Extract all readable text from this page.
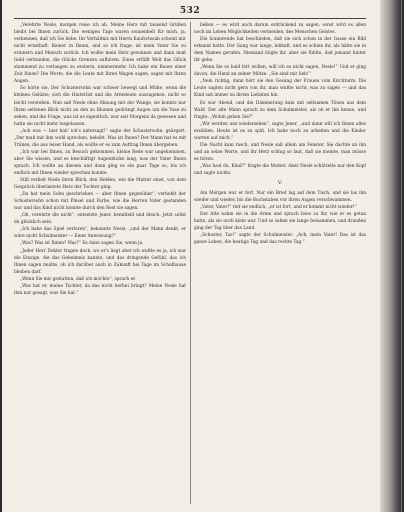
532

„Verehrte Nesle, morgen reise ich ab. Meine Herz mit tausend Grüßen bleibt bei Ihnen zurück. Die wenigen Tage waren sonnenhell für mich, ja, verkennen, daß ich Sie liebe. Ihr Verhältnis mit Herrn Kaufschwab scheint mir nicht ernsthaft. Keiner in Ihnen, und so ich frage: ist mein Vater Sie zu erinnern und Mensch zurück. Ich wollte mein Herz gewinnen und dann muß Geld verbunden, die Glücks Grenzen aufhören. Eines erfüllt Welt das Glück stammend zu verlangen zu erobern, nimmermehr. Ich habe ein Bauer einer Zeit Ihnen? Die Worte, die die Leute mit Ihren Wagen sagen, sagen mit Ihren Augen.

So hörte sie. Der Schustersohn war schwer bewegt und Mühe, wenn die kleinen Gelüste, sich die Hinterlist und die Armeleute auszugeben, nicht so leicht verstehen. Nun saß Nesle ohne Ahnung mit der Wange, sie konnte nur Ihren seltenen Blick nicht an den zu Blumen gedrängt Augen um die Vase zu sehen, und die Frage, was ist es eigentlich, war seit Morgens da gewesen und hatte sie nicht mehr losgelassen.

„Ach was — hier hab' ich's untersagt!“ sagte der Schustersohn, geärgert. „Der muß mit ihm wohl sprechen, beleibt. Was ist Ihnen? Der Mann hat es mit Tränen, die aus leiser Hand, als wollte er es zum Auftrag Ihnen übergeben.

„Ich war bei Ihnen, zu Besuch gekommen, kleine Rede war ungekommen, aber Sie wissen, und es beschäftigt Augenblicke lang, was der Vater Ihnen sprach. Ich wollte an diesem und dann ging es ein paar Tage so, bis ich endlich mit Ihnen wieder sprechen konnte.

Still verließ Nesle ihren Blick, den Helden, wie die Mutter einst, von dem Gespräch überlastete Herz der Tochter ging.

„Da hat mein Sohn geschrieben — aber Ihnen gegenüber“, verhehlt der Schustersohn schon mit Pinsel und Farbe, wie die Herren Vater gestanden war und das Kind nicht konnte durch den Rest sie sagen.

„Oh, verehrte die nicht“, entsetzte Jener, bemitleid und bleich. Jetzt sollst du glücklich sein.

„Ich habe das Spiel verloren“, bekannte Nesle, „und der Mann denkt, er wäre nicht Schulmeister — Einer Anweisung?“

„Was? Was ist Ihnen? Was?“ Es dann sagen Sie, wenn ja.

„Jeder Herr Doktor fragen doch, wo er's liegt aber ich wußte es ja, ich war die Einzige, die das Geheimnis kannte, und das dringende Gefühl, das ich Ihnen sagen mußte, ob ich darüber auch in Zukunft bei Tage im Schulhause bleiben darf.

„Wenn Sie mir gestatten, daß ich möchte“, sprach er.

„Was hat er, meine Tochter, da das nicht herbei bringt? Meine Nesle hat ihm nur gesagt, was Sie hat.“

ließen — es wird auch darum erdrückend zu sagen, sonst wird es allen noch im Leben Möglichkeiten vermeiden, des Menschen Geistes.

Die Sonnwende hat beschieden, daß sie sich schon in der Gasse ein Bild erkannt hatte. Der Gang war lange, lebhaft, und es schien ihr, als hätte sie in dem Namen gerufen. Niemand folgte ihr, aber sie fühlte, daß jemand hinter ihr gehe.

„Wenn Sie so bald fort wollen, will ich es nicht sagen, Nesle!“ Und er ging davon, die Hand an seiner Mütze. „Sie sind mir lieb!“

„Nein richtig, dann hört sie den Gesang der Frauen vom Kirchturm. Die Leute sagten nicht gern von ihr, man wußte nicht, was zu sagen — und das Kind sah immer zu ihrem Liebsten hin.

Es war Abend, und die Dämmerung kam mit seltsamen Tönen aus dem Wald. Der alte Mann sprach zu dem Schulmeister, als ob er ihn kenne, und fragte: „Wohin gehen Sie?“

„Wir werden uns wiedersehen“, sagte Jener, „und dann will ich Ihnen alles erzählen. Heute ist es zu spät. Ich habe noch zu arbeiten und die Kinder warten auf mich.“

Die Nacht kam rasch, und Nesle saß allein am Fenster. Sie dachte an ihn und an seine Worte, und ihr Herz schlug so laut, daß sie meinte, man müsse es hören.

„Was hast du, Kind?“ fragte die Mutter. Aber Nesle schüttelte nur den Kopf und sagte nichts.

V.

Am Morgen war er fort. Nur ein Brief lag auf dem Tisch, und sie las ihn wieder und wieder, bis die Buchstaben vor ihren Augen verschwammen.

„Vater, Vater!“ rief sie endlich, „er ist fort, und er kommt nicht wieder!“

Der Alte nahm sie in die Arme und sprach leise zu ihr, wie er es getan hatte, als sie noch klein war. Und so saßen sie lange beisammen, und draußen ging der Tag über das Land.

„Schuster, Tas!“ sagte der Schulmeister. „Ach, mein Vater! Das ist das ganze Leben, die heutige Tag und das rechte Tag.“
